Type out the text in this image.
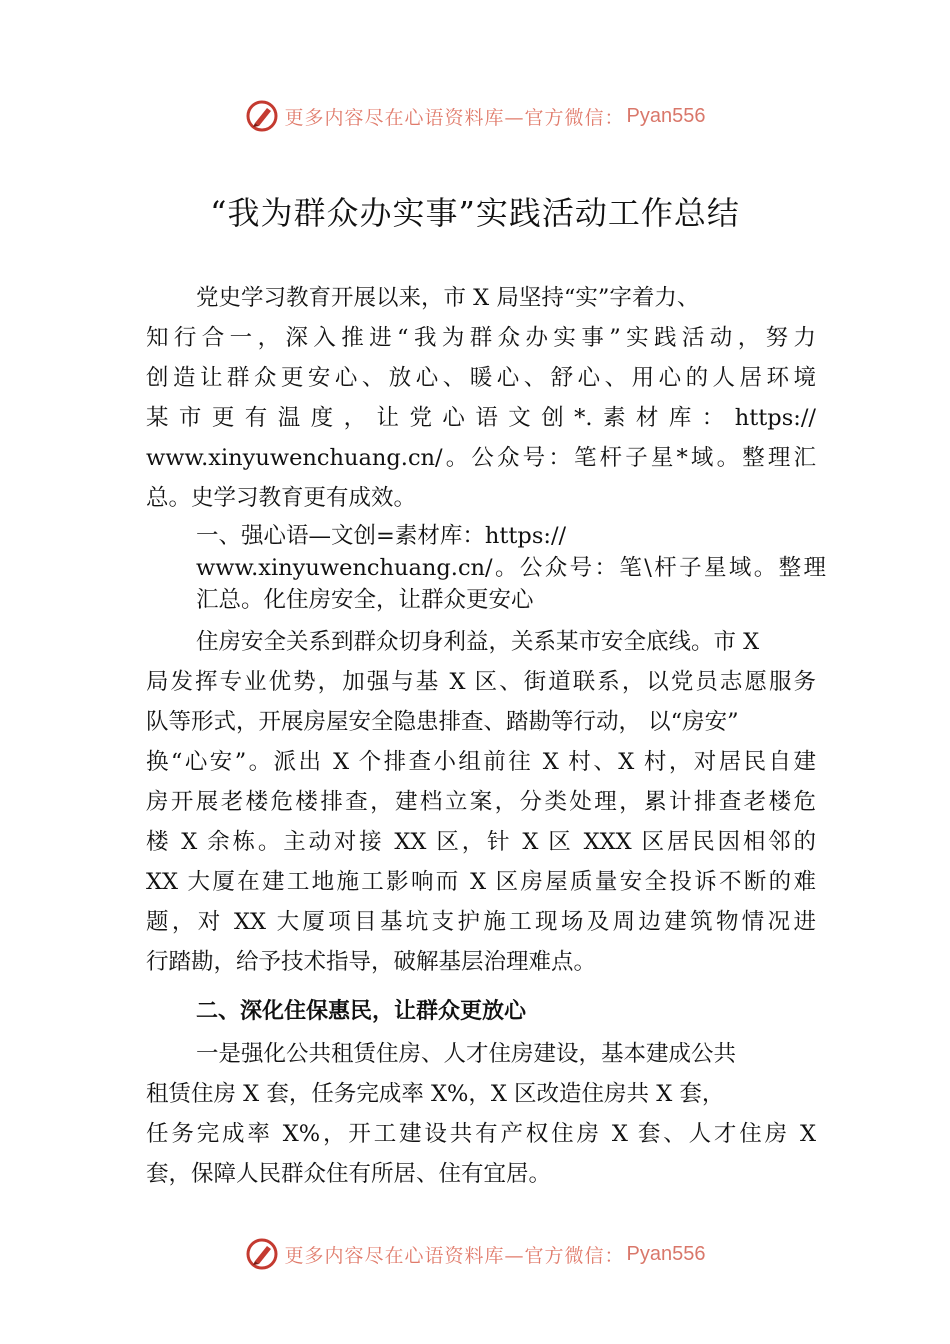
更多内容尽在心语资料库—官方微信： Pyan556
“我为群众办实事”实践活动工作总结
党史学习教育开展以来，市 X 局坚持“实”字着力、
知行合一，深入推进“我为群众办实事”实践活动，努力
创造让群众更安心、放心、暖心、舒心、用心的人居环境
某市更有温度，让党心语文创*.素材库：https://
www.xinyuwenchuang.cn/。公众号：笔杆子星*域。整理汇
总。史学习教育更有成效。
一、强心语—文创=素材库：https://
www.xinyuwenchuang.cn/。公众号：笔\杆子星域。整理
汇总。化住房安全，让群众更安心
住房安全关系到群众切身利益，关系某市安全底线。市 X
局发挥专业优势，加强与基 X 区、街道联系，以党员志愿服务
队等形式，开展房屋安全隐患排查、踏勘等行动， 以“房安”
换“心安”。派出 X 个排查小组前往 X 村、X 村，对居民自建
房开展老楼危楼排查，建档立案，分类处理，累计排查老楼危
楼 X 余栋。主动对接 XX 区，针 X 区 XXX 区居民因相邻的
XX 大厦在建工地施工影响而 X 区房屋质量安全投诉不断的难
题，对 XX 大厦项目基坑支护施工现场及周边建筑物情况进
行踏勘，给予技术指导，破解基层治理难点。
二、深化住保惠民，让群众更放心
一是强化公共租赁住房、人才住房建设，基本建成公共
租赁住房 X 套，任务完成率 X%，X 区改造住房共 X 套，
任务完成率 X%，开工建设共有产权住房 X 套、人才住房 X
套，保障人民群众住有所居、住有宜居。
更多内容尽在心语资料库—官方微信： Pyan556
